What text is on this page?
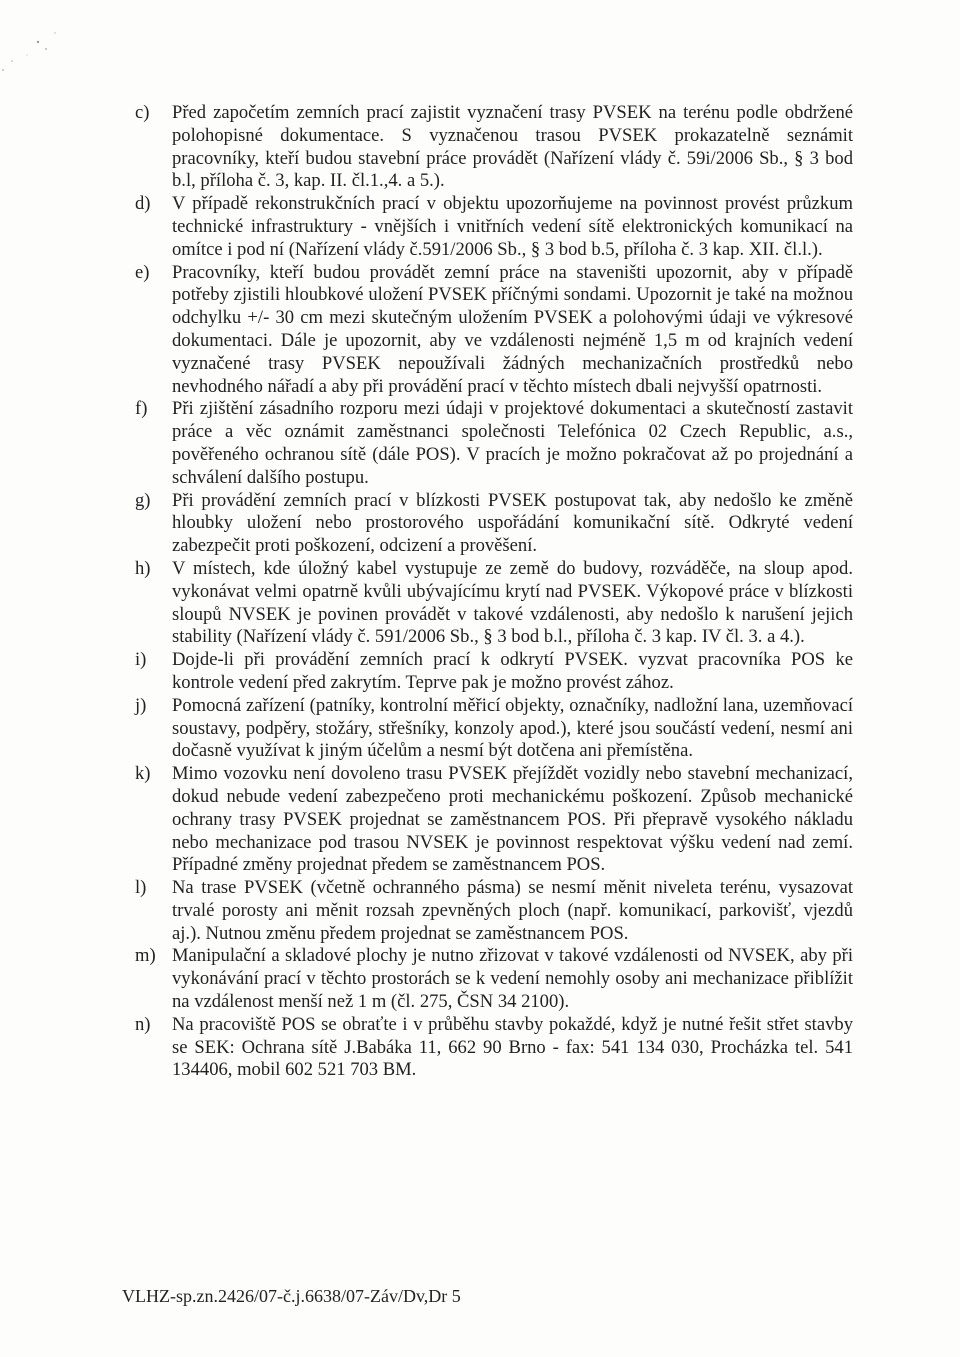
c)	Před započetím zemních prací zajistit vyznačení trasy PVSEK na terénu podle obdržené polohopisné dokumentace. S vyznačenou trasou PVSEK prokazatelně seznámit pracovníky, kteří budou stavební práce provádět (Nařízení vlády č. 59i/2006 Sb., § 3 bod b.l, příloha č. 3, kap. II. čl.1.,4. a 5.).
d)	V případě rekonstrukčních prací v objektu upozorňujeme na povinnost provést průzkum technické infrastruktury - vnějších i vnitřních vedení sítě elektronických komunikací na omítce i pod ní (Nařízení vlády č.591/2006 Sb., § 3 bod b.5, příloha č. 3 kap. XII. čl.l.).
e)	Pracovníky, kteří budou provádět zemní práce na staveništi upozornit, aby v případě potřeby zjistili hloubkové uložení PVSEK příčnými sondami. Upozornit je také na možnou odchylku +/- 30 cm mezi skutečným uložením PVSEK a polohovými údaji ve výkresové dokumentaci. Dále je upozornit, aby ve vzdálenosti nejméně 1,5 m od krajních vedení vyznačené trasy PVSEK nepoužívali žádných mechanizačních prostředků nebo nevhodného nářadí a aby při provádění prací v těchto místech dbali nejvyšší opatrnosti.
f)	Při zjištění zásadního rozporu mezi údaji v projektové dokumentaci a skutečností zastavit práce a věc oznámit zaměstnanci společnosti Telefónica 02 Czech Republic, a.s., pověřeného ochranou sítě (dále POS). V pracích je možno pokračovat až po projednání a schválení dalšího postupu.
g)	Při provádění zemních prací v blízkosti PVSEK postupovat tak, aby nedošlo ke změně hloubky uložení nebo prostorového uspořádání komunikační sítě. Odkryté vedení zabezpečit proti poškození, odcizení a prověšení.
h)	V místech, kde úložný kabel vystupuje ze země do budovy, rozváděče, na sloup apod. vykonávat velmi opatrně kvůli ubývajícímu krytí nad PVSEK. Výkopové práce v blízkosti sloupů NVSEK je povinen provádět v takové vzdálenosti, aby nedošlo k narušení jejich stability (Nařízení vlády č. 591/2006 Sb., § 3 bod b.l., příloha č. 3 kap. IV čl. 3. a 4.).
i)	Dojde-li při provádění zemních prací k odkrytí PVSEK. vyzvat pracovníka POS ke kontrole vedení před zakrytím. Teprve pak je možno provést zához.
j)	Pomocná zařízení (patníky, kontrolní měřicí objekty, označníky, nadložní lana, uzemňovací soustavy, podpěry, stožáry, střešníky, konzoly apod.), které jsou součástí vedení, nesmí ani dočasně využívat k jiným účelům a nesmí být dotčena ani přemístěna.
k)	Mimo vozovku není dovoleno trasu PVSEK přejíždět vozidly nebo stavební mechanizací, dokud nebude vedení zabezpečeno proti mechanickému poškození. Způsob mechanické ochrany trasy PVSEK projednat se zaměstnancem POS. Při přepravě vysokého nákladu nebo mechanizace pod trasou NVSEK je povinnost respektovat výšku vedení nad zemí. Případné změny projednat předem se zaměstnancem POS.
l)	Na trase PVSEK (včetně ochranného pásma) se nesmí měnit niveleta terénu, vysazovat trvalé porosty ani měnit rozsah zpevněných ploch (např. komunikací, parkovišť, vjezdů aj.). Nutnou změnu předem projednat se zaměstnancem POS.
m) Manipulační a skladové plochy je nutno zřizovat v takové vzdálenosti od NVSEK, aby při vykonávání prací v těchto prostorách se k vedení nemohly osoby ani mechanizace přiblížit na vzdálenost menší než 1 m (čl. 275, ČSN 34 2100).
n)	Na pracoviště POS se obraťte i v průběhu stavby pokaždé, když je nutné řešit střet stavby se SEK: Ochrana sítě J.Babáka 11, 662 90 Brno - fax: 541 134 030, Procházka tel. 541 134406, mobil 602 521 703 BM.
VLHZ-sp.zn.2426/07-č.j.6638/07-Záv/Dv,Dr 5
